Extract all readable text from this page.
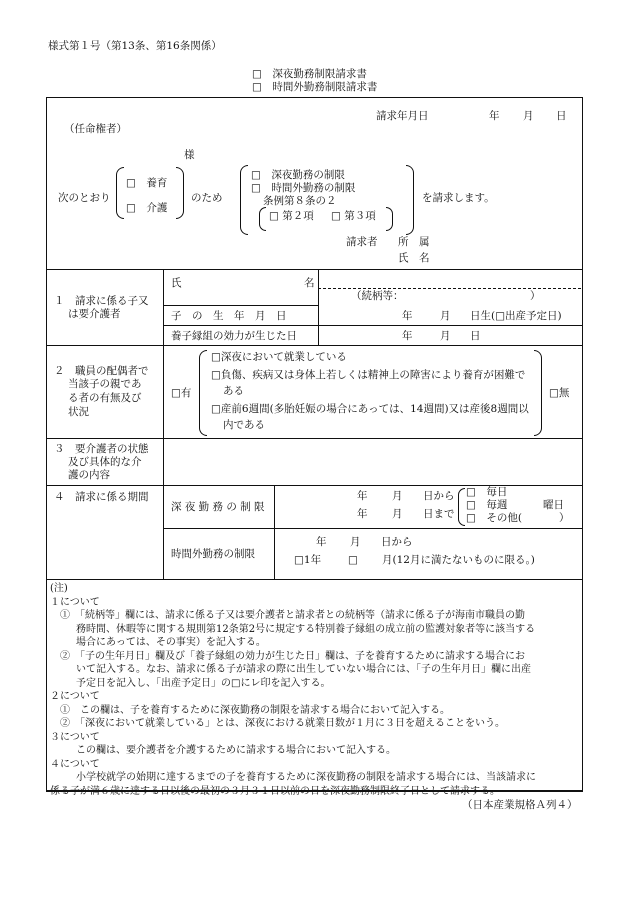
様式第１号（第13条、第16条関係）
□　深夜勤務制限請求書
□　時間外勤務制限請求書
請求年月日	年 月 日
（任命権者）
様
次のとおり
□　養育
□　介護
のため
□　深夜勤務の制限
□　時間外勤務の制限
条例第８条の２
□ 第２項 □ 第３項
を請求します。
請求者 所　属
氏　名
１　請求に係る子又
は要介護者
氏	名
（続柄等：	）
子　の　生　年　月　日	年	月 日生(□出産予定日)
養子縁組の効力が生じた日	年	月 日
２　職員の配偶者で
当該子の親であ
る者の有無及び
状況
□有
□深夜において就業している
□負傷、疾病又は身体上若しくは精神上の障害により養育が困難で
ある
□産前6週間(多胎妊娠の場合にあっては、14週間)又は産後8週間以
内である
□無
３　要介護者の状態
及び具体的な介
護の内容
４　請求に係る期間
深 夜 勤 務 の 制 限
年 月 日から
年 月 日まで
□　毎日
□　毎週	曜日
□　その他(	）
時間外勤務の制限
年 月 日から
□1年	□ 月(12月に満たないものに限る。)

(注)

１について

①　「続柄等」欄には、請求に係る子又は要介護者と請求者との続柄等（請求に係る子が海南市職員の勤

務時間、休暇等に関する規則第12条第2号に規定する特別養子縁組の成立前の監護対象者等に該当する

場合にあっては、その事実）を記入する。

②　「子の生年月日」欄及び「養子縁組の効力が生じた日」欄は、子を養育するために請求する場合にお

いて記入する。なお、請求に係る子が請求の際に出生していない場合には、「子の生年月日」欄に出産

予定日を記入し、「出産予定日」の□にレ印を記入する。

２について

①　この欄は、子を養育するために深夜勤務の制限を請求する場合において記入する。

②　「深夜において就業している」とは、深夜における就業日数が１月に３日を超えることをいう。

３について

この欄は、要介護者を介護するために請求する場合において記入する。

４について

小学校就学の始期に達するまでの子を養育するために深夜勤務の制限を請求する場合には、当該請求に

係る子が満６歳に達する日以後の最初の３月３１日以前の日を深夜勤務制限終了日として請求する。

（日本産業規格Ａ列４）
